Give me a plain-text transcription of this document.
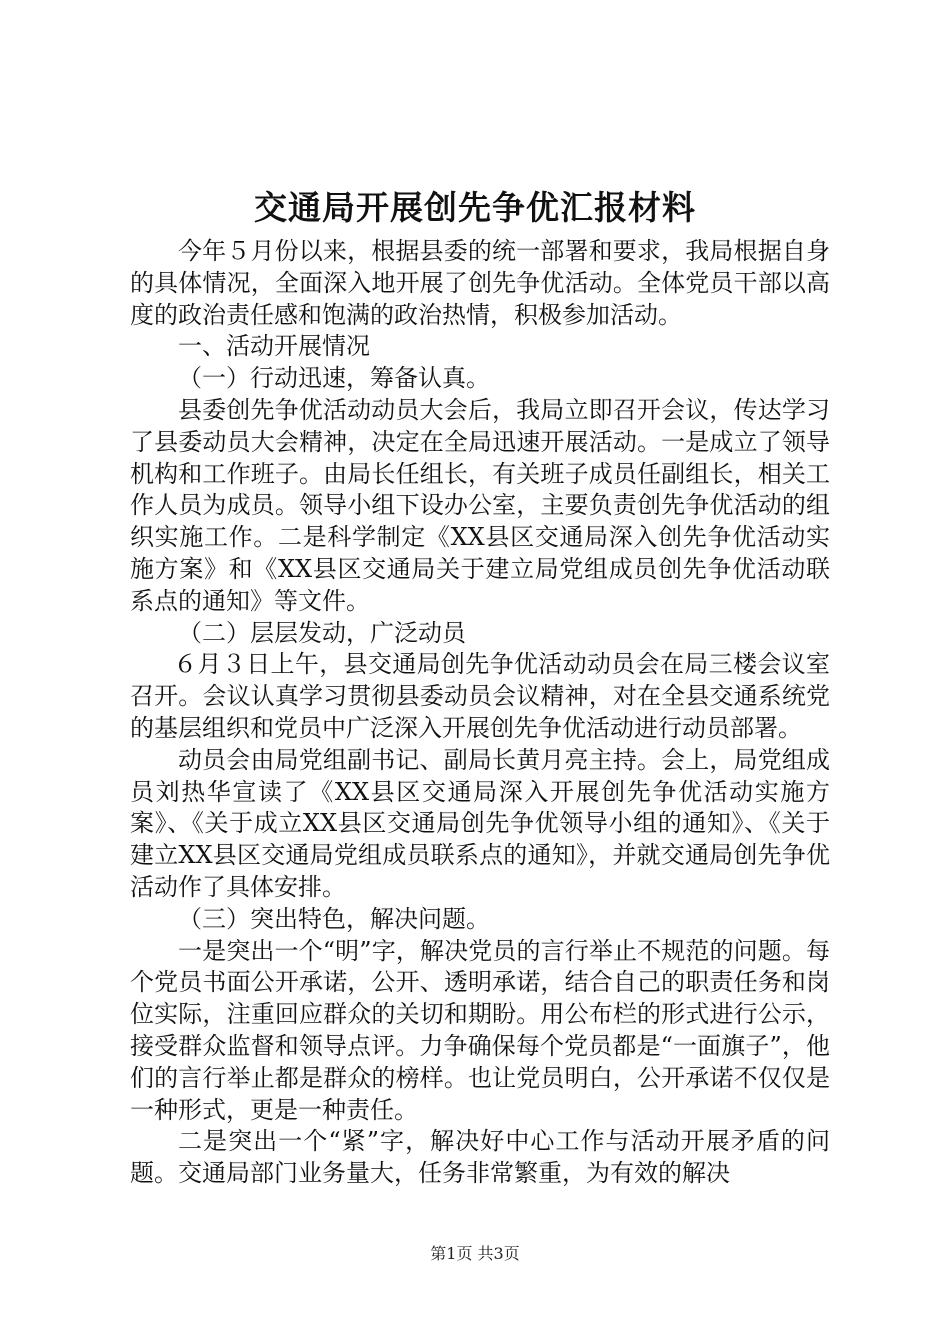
交通局开展创先争优汇报材料

今年５月份以来，根据县委的统一部署和要求，我局根据自身的具体情况，全面深入地开展了创先争优活动。全体党员干部以高度的政治责任感和饱满的政治热情，积极参加活动。

一、活动开展情况

（一）行动迅速，筹备认真。

县委创先争优活动动员大会后，我局立即召开会议，传达学习了县委动员大会精神，决定在全局迅速开展活动。一是成立了领导机构和工作班子。由局长任组长，有关班子成员任副组长，相关工作人员为成员。领导小组下设办公室，主要负责创先争优活动的组织实施工作。二是科学制定《XX县区交通局深入创先争优活动实施方案》和《XX县区交通局关于建立局党组成员创先争优活动联系点的通知》等文件。

（二）层层发动，广泛动员

６月３日上午，县交通局创先争优活动动员会在局三楼会议室召开。会议认真学习贯彻县委动员会议精神，对在全县交通系统党的基层组织和党员中广泛深入开展创先争优活动进行动员部署。

动员会由局党组副书记、副局长黄月亮主持。会上，局党组成员刘热华宣读了《XX县区交通局深入开展创先争优活动实施方案》、《关于成立XX县区交通局创先争优领导小组的通知》、《关于建立XX县区交通局党组成员联系点的通知》，并就交通局创先争优活动作了具体安排。

（三）突出特色，解决问题。

一是突出一个“明”字，解决党员的言行举止不规范的问题。每个党员书面公开承诺，公开、透明承诺，结合自己的职责任务和岗位实际，注重回应群众的关切和期盼。用公布栏的形式进行公示，接受群众监督和领导点评。力争确保每个党员都是“一面旗子”，他们的言行举止都是群众的榜样。也让党员明白，公开承诺不仅仅是一种形式，更是一种责任。

二是突出一个“紧”字，解决好中心工作与活动开展矛盾的问题。交通局部门业务量大，任务非常繁重，为有效的解决

第1页 共3页
